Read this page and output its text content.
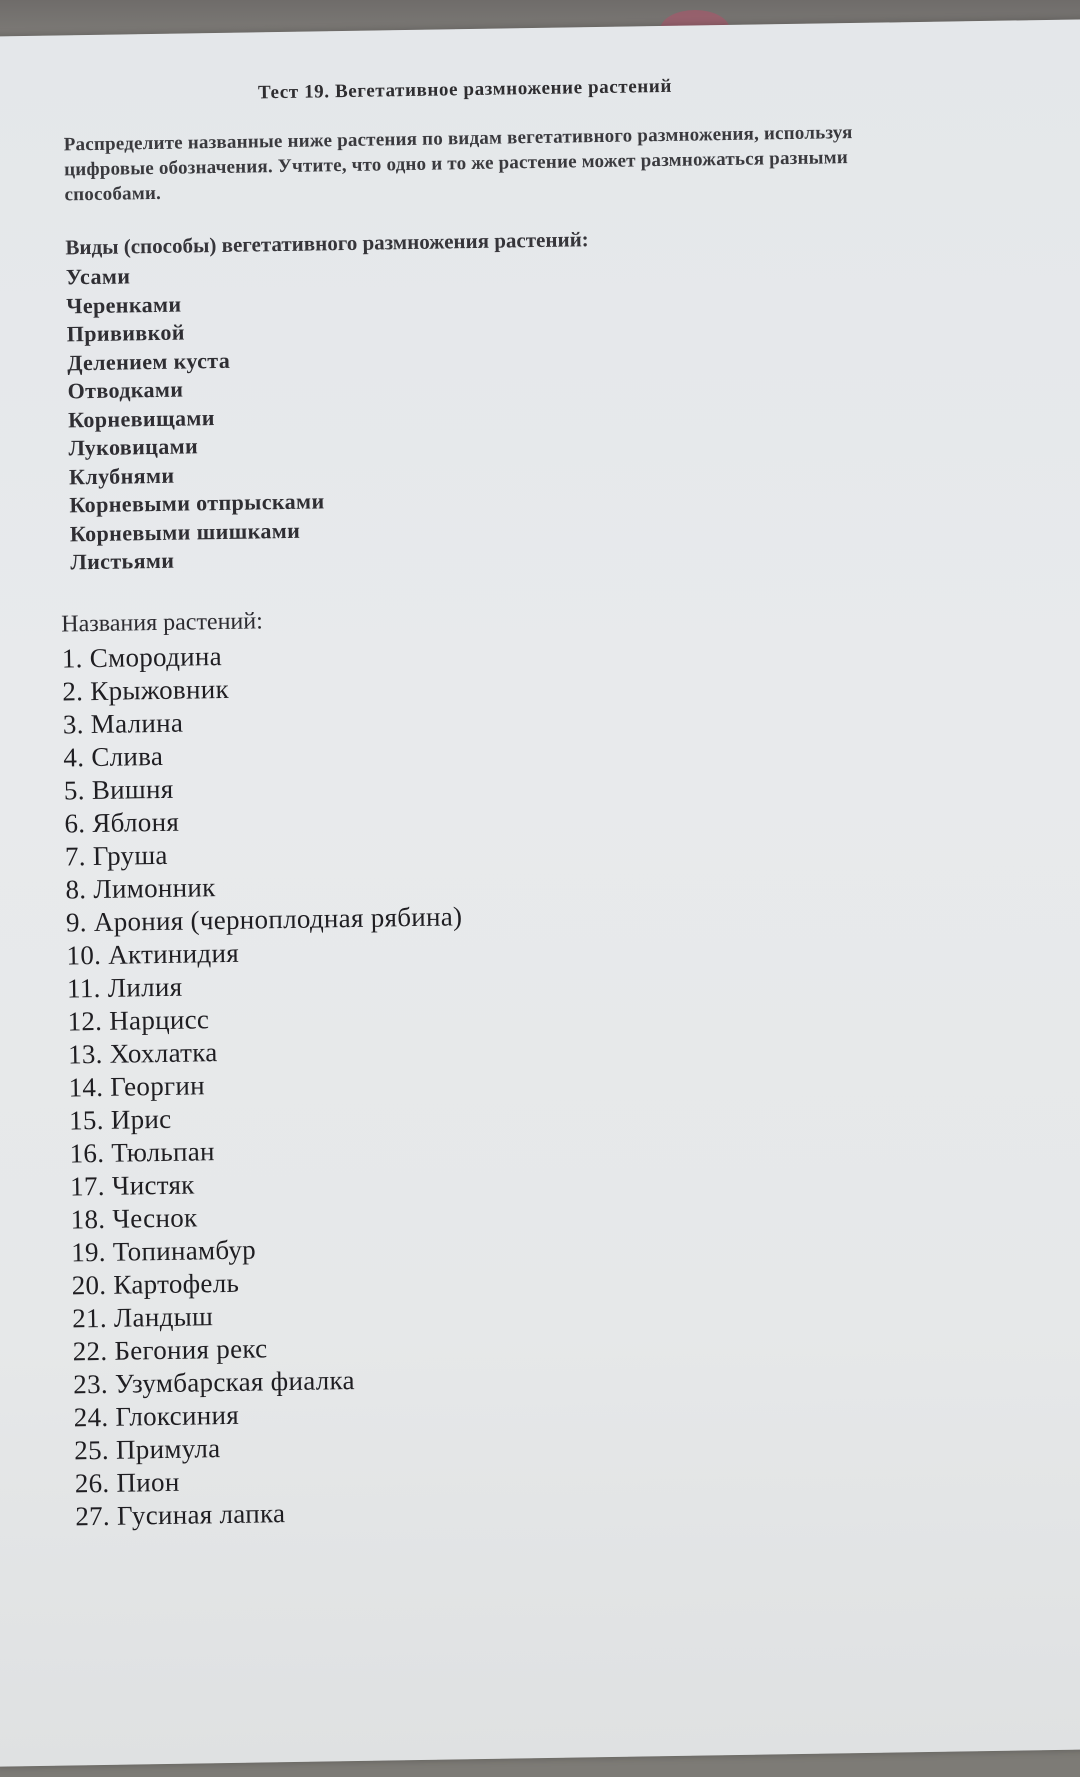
Тест 19. Вегетативное размножение растений

Распределите названные ниже растения по видам вегетативного размножения, используя цифровые обозначения. Учтите, что одно и то же растение может размножаться разными способами.

Виды (способы) вегетативного размножения растений:
Усами
Черенками
Прививкой
Делением куста
Отводками
Корневищами
Луковицами
Клубнями
Корневыми отпрысками
Корневыми шишками
Листьями
Названия растений:
1. Смородина
2. Крыжовник
3. Малина
4. Слива
5. Вишня
6. Яблоня
7. Груша
8. Лимонник
9. Арония (черноплодная рябина)
10. Актинидия
11. Лилия
12. Нарцисс
13. Хохлатка
14. Георгин
15. Ирис
16. Тюльпан
17. Чистяк
18. Чеснок
19. Топинамбур
20. Картофель
21. Ландыш
22. Бегония рекс
23. Узумбарская фиалка
24. Глоксиния
25. Примула
26. Пион
27. Гусиная лапка
